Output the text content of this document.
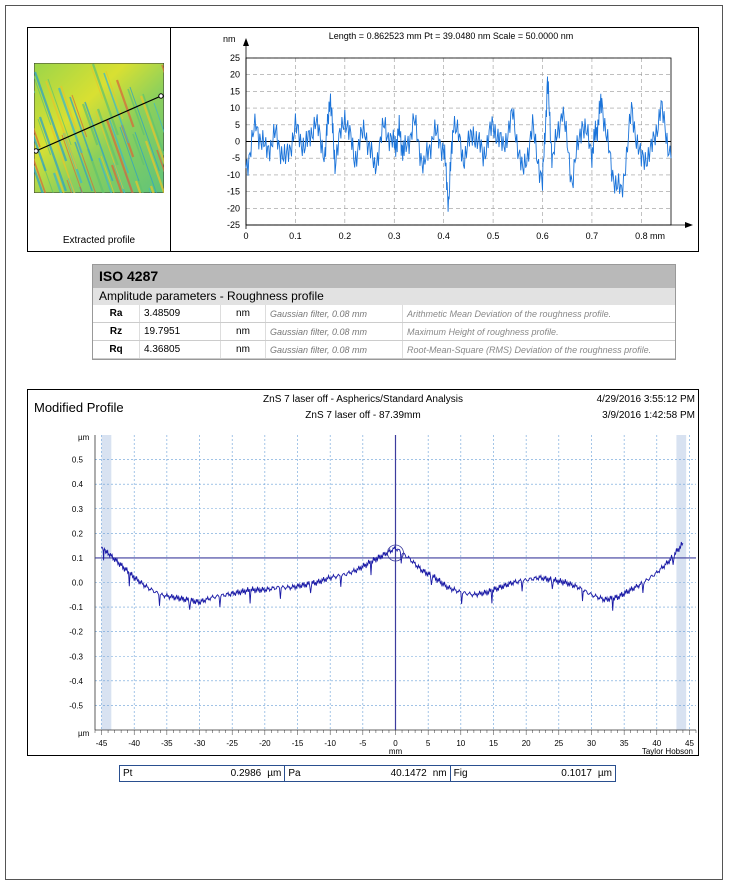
Extracted profile
Length = 0.862523 mm Pt = 39.0480 nm Scale = 50.0000 nm
25
20
15
10
5
0
-5
-10
-15
-20
-25
0	0.1	0.2	0.3	0.4	0.5	0.6	0.7	0.8
nm
mm
ISO 4287
Amplitude parameters - Roughness profile
Ra	3.48509	nm	Gaussian filter, 0.08 mm	Arithmetic Mean Deviation of the roughness profile.
Rz	19.7951	nm	Gaussian filter, 0.08 mm	Maximum Height of roughness profile.
Rq	4.36805	nm	Gaussian filter, 0.08 mm	Root-Mean-Square (RMS) Deviation of the roughness profile.
0.5
0.4
0.3
0.2
0.1
0.0
-0.1
-0.2
-0.3
-0.4
-0.5
-45	-40	-35	-30	-25	-20	-15	-10	-5	0	5	10	15	20	25	30	35	40	45
µm
µm
mm	Taylor Hobson
Modified Profile
ZnS 7 laser off - Aspherics/Standard Analysis
ZnS 7 laser off - 87.39mm
4/29/2016 3:55:12 PM
3/9/2016 1:42:58 PM
Pt	0.2986 µm Pa	40.1472 nm Fig	0.1017 µm
